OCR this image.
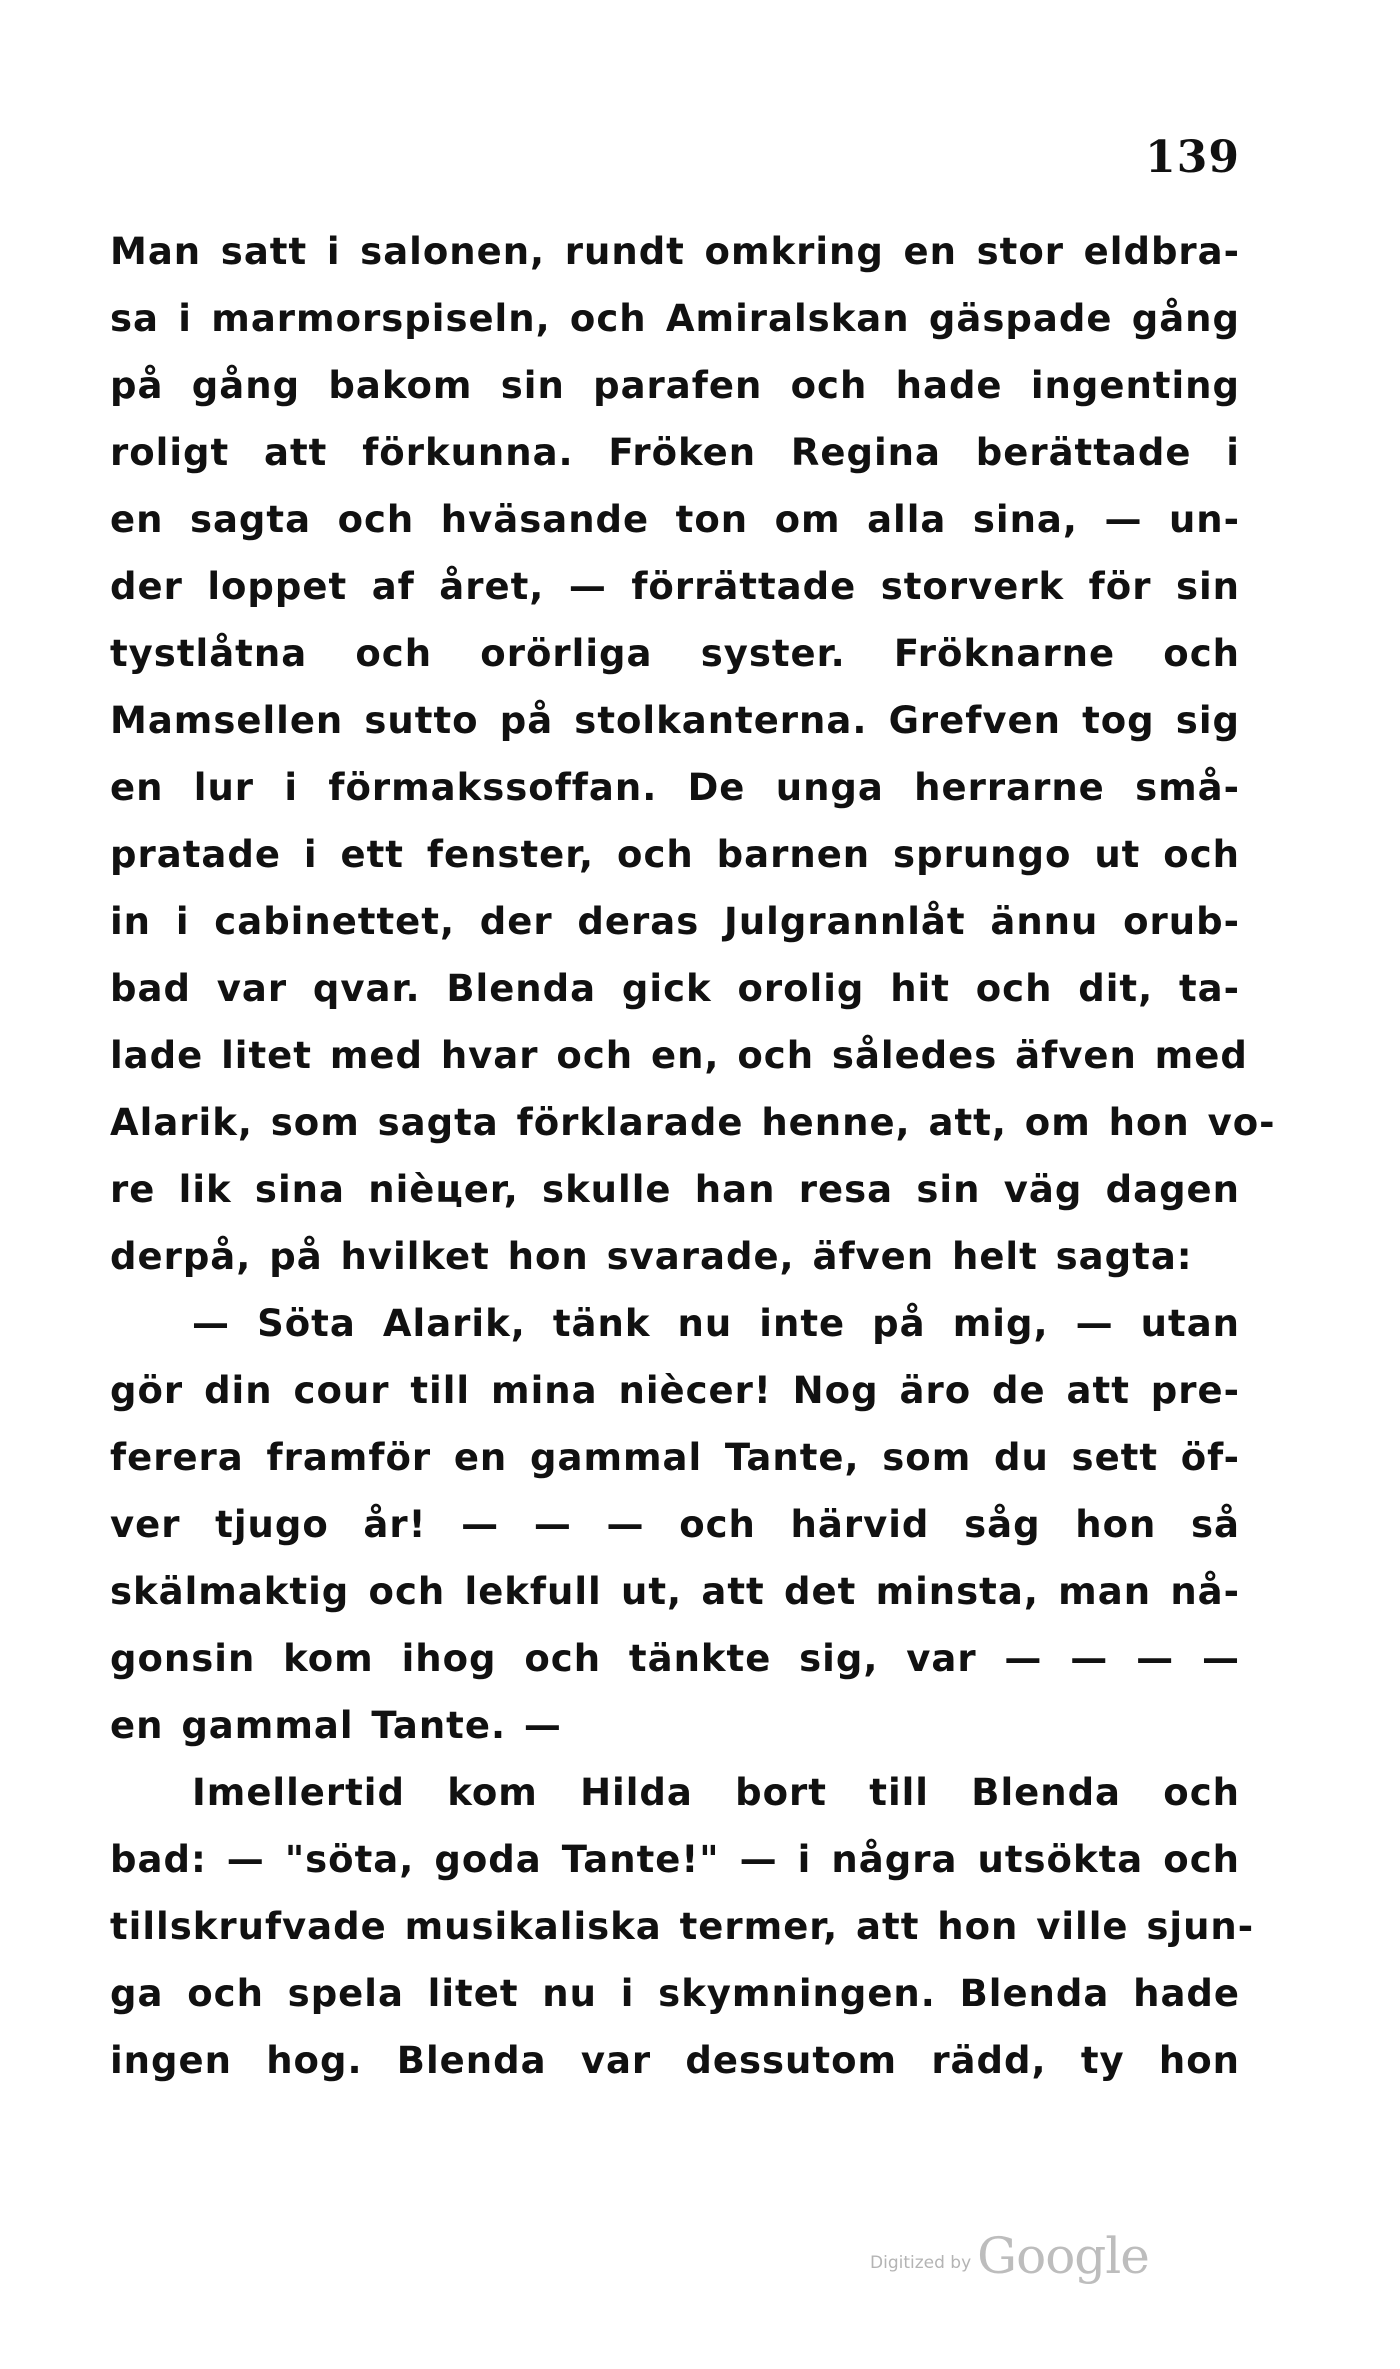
139
Man satt i salonen, rundt omkring en stor eldbra-
sa i marmorspiseln, och Amiralskan gäspade gång
på gång bakom sin parafen och hade ingenting
roligt att förkunna. Fröken Regina berättade i
en sagta och hväsande ton om alla sina, — un-
der loppet af året, — förrättade storverk för sin
tystlåtna och orörliga syster. Fröknarne och
Mamsellen sutto på stolkanterna. Grefven tog sig
en lur i förmakssoffan. De unga herrarne små-
pratade i ett fenster, och barnen sprungo ut och
in i cabinettet, der deras Julgrannlåt ännu orub-
bad var qvar. Blenda gick orolig hit och dit, ta-
lade litet med hvar och en, och således äfven med
Alarik, som sagta förklarade henne, att, om hon vo-
re lik sina nièцer, skulle han resa sin väg dagen
derpå, på hvilket hon svarade, äfven helt sagta:
— Söta Alarik, tänk nu inte på mig, — utan
gör din cour till mina niècer! Nog äro de att pre-
ferera framför en gammal Tante, som du sett öf-
ver tjugo år! — — — och härvid såg hon så
skälmaktig och lekfull ut, att det minsta, man nå-
gonsin kom ihog och tänkte sig, var — — — —
en gammal Tante. —
Imellertid kom Hilda bort till Blenda och
bad: — "söta, goda Tante!" — i några utsökta och
tillskrufvade musikaliska termer, att hon ville sjun-
ga och spela litet nu i skymningen. Blenda hade
ingen hog. Blenda var dessutom rädd, ty hon
Digitized by Google
